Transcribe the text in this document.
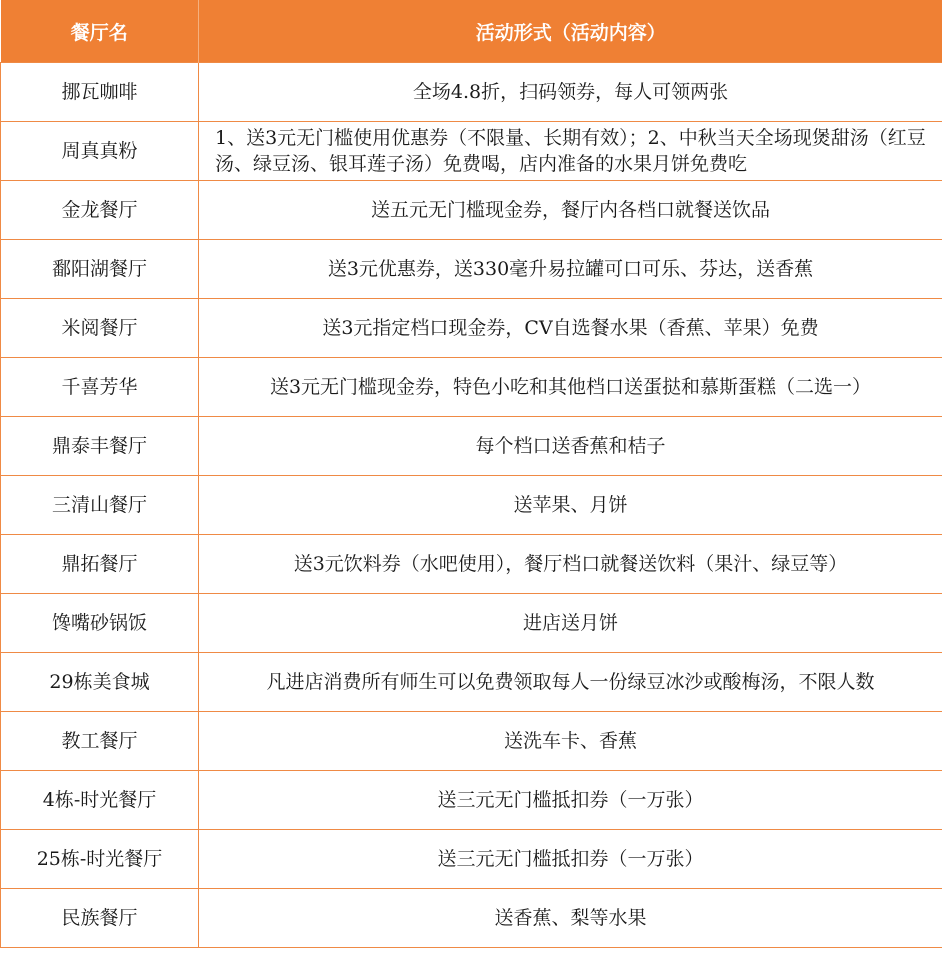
餐厅名	活动形式（活动内容）
挪瓦咖啡	全场4.8折，扫码领券，每人可领两张
周真真粉	1、送3元无门槛使用优惠券（不限量、长期有效）；2、中秋当天全场现煲甜汤（红豆汤、绿豆汤、银耳莲子汤）免费喝，店内准备的水果月饼免费吃
金龙餐厅	送五元无门槛现金券，餐厅内各档口就餐送饮品
鄱阳湖餐厅	送3元优惠券，送330毫升易拉罐可口可乐、芬达，送香蕉
米阅餐厅	送3元指定档口现金券，CV自选餐水果（香蕉、苹果）免费
千喜芳华	送3元无门槛现金券，特色小吃和其他档口送蛋挞和慕斯蛋糕（二选一）
鼎泰丰餐厅	每个档口送香蕉和桔子
三清山餐厅	送苹果、月饼
鼎拓餐厅	送3元饮料券（水吧使用），餐厅档口就餐送饮料（果汁、绿豆等）
馋嘴砂锅饭	进店送月饼
29栋美食城	凡进店消费所有师生可以免费领取每人一份绿豆冰沙或酸梅汤，不限人数
教工餐厅	送洗车卡、香蕉
4栋-时光餐厅	送三元无门槛抵扣券（一万张）
25栋-时光餐厅	送三元无门槛抵扣券（一万张）
民族餐厅	送香蕉、梨等水果
